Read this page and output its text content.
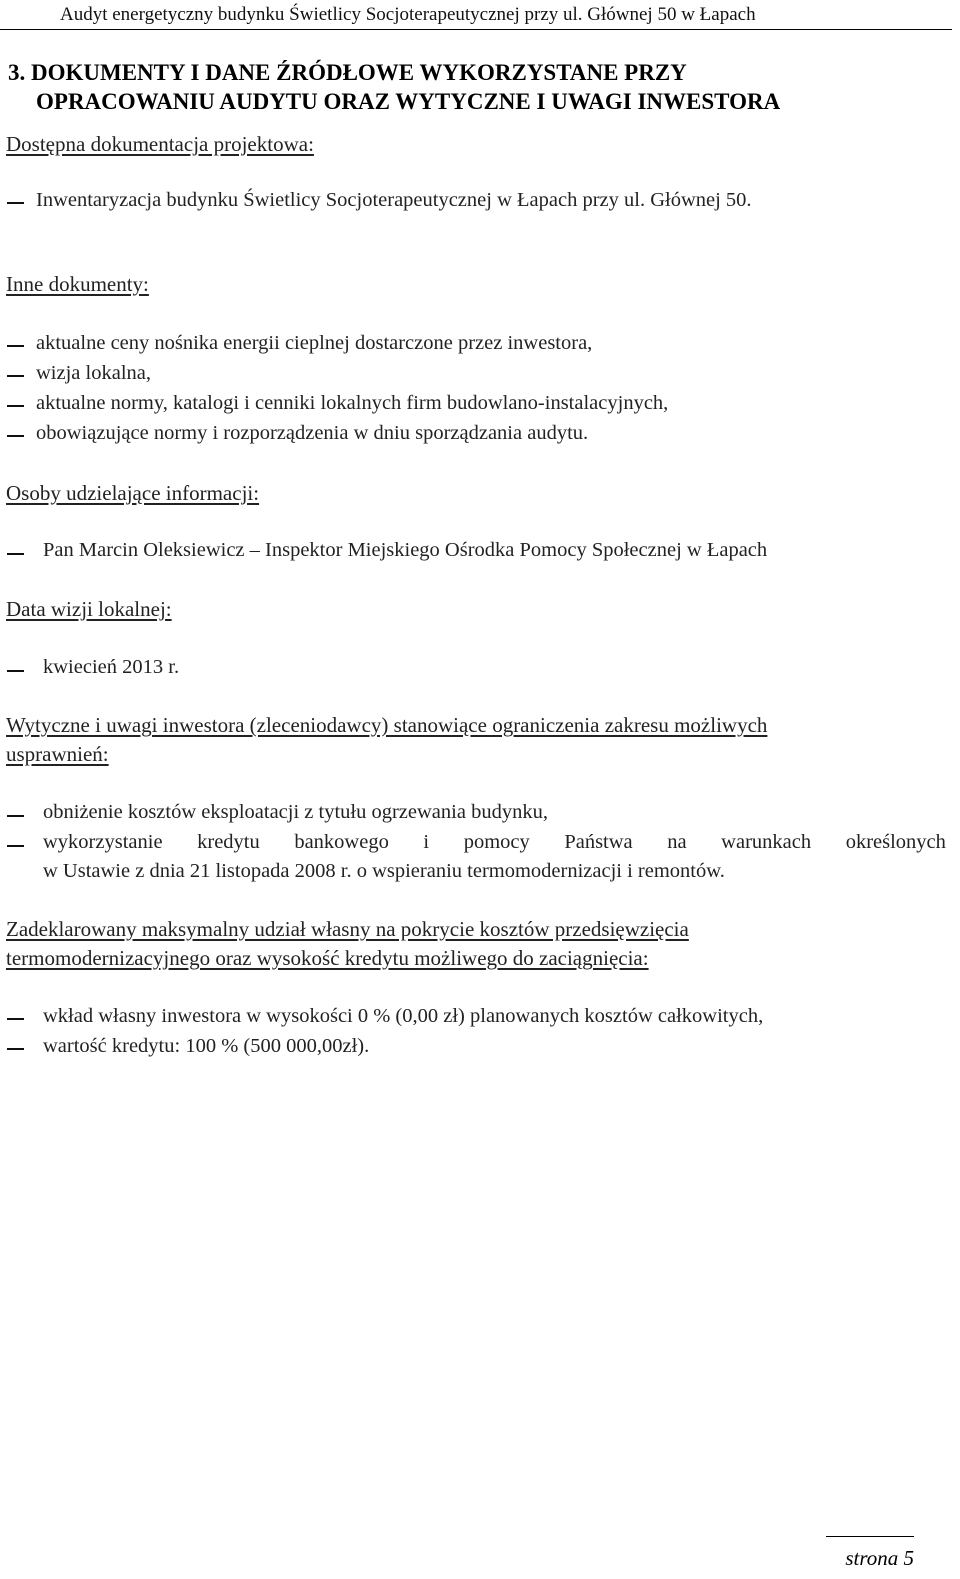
Audyt energetyczny budynku Świetlicy Socjoterapeutycznej przy ul. Głównej 50 w Łapach
3. DOKUMENTY I DANE ŹRÓDŁOWE WYKORZYSTANE PRZY
OPRACOWANIU AUDYTU ORAZ WYTYCZNE I UWAGI INWESTORA
Dostępna dokumentacja projektowa:
Inwentaryzacja budynku Świetlicy Socjoterapeutycznej w Łapach przy ul. Głównej 50.
Inne dokumenty:
aktualne ceny nośnika energii cieplnej dostarczone przez inwestora,
wizja lokalna,
aktualne normy, katalogi i cenniki lokalnych firm budowlano-instalacyjnych,
obowiązujące normy i rozporządzenia w dniu sporządzania audytu.
Osoby udzielające informacji:
Pan Marcin Oleksiewicz – Inspektor Miejskiego Ośrodka Pomocy Społecznej w Łapach
Data wizji lokalnej:
kwiecień 2013 r.
Wytyczne i uwagi inwestora (zleceniodawcy) stanowiące ograniczenia zakresu możliwych
usprawnień:
obniżenie kosztów eksploatacji z tytułu ogrzewania budynku,
wykorzystanie kredytu bankowego i pomocy Państwa na warunkach określonych
w Ustawie z dnia 21 listopada 2008 r. o wspieraniu termomodernizacji i remontów.
Zadeklarowany maksymalny udział własny na pokrycie kosztów przedsięwzięcia
termomodernizacyjnego oraz wysokość kredytu możliwego do zaciągnięcia:
wkład własny inwestora w wysokości 0 % (0,00 zł) planowanych kosztów całkowitych,
wartość kredytu: 100 % (500 000,00zł).
strona 5
